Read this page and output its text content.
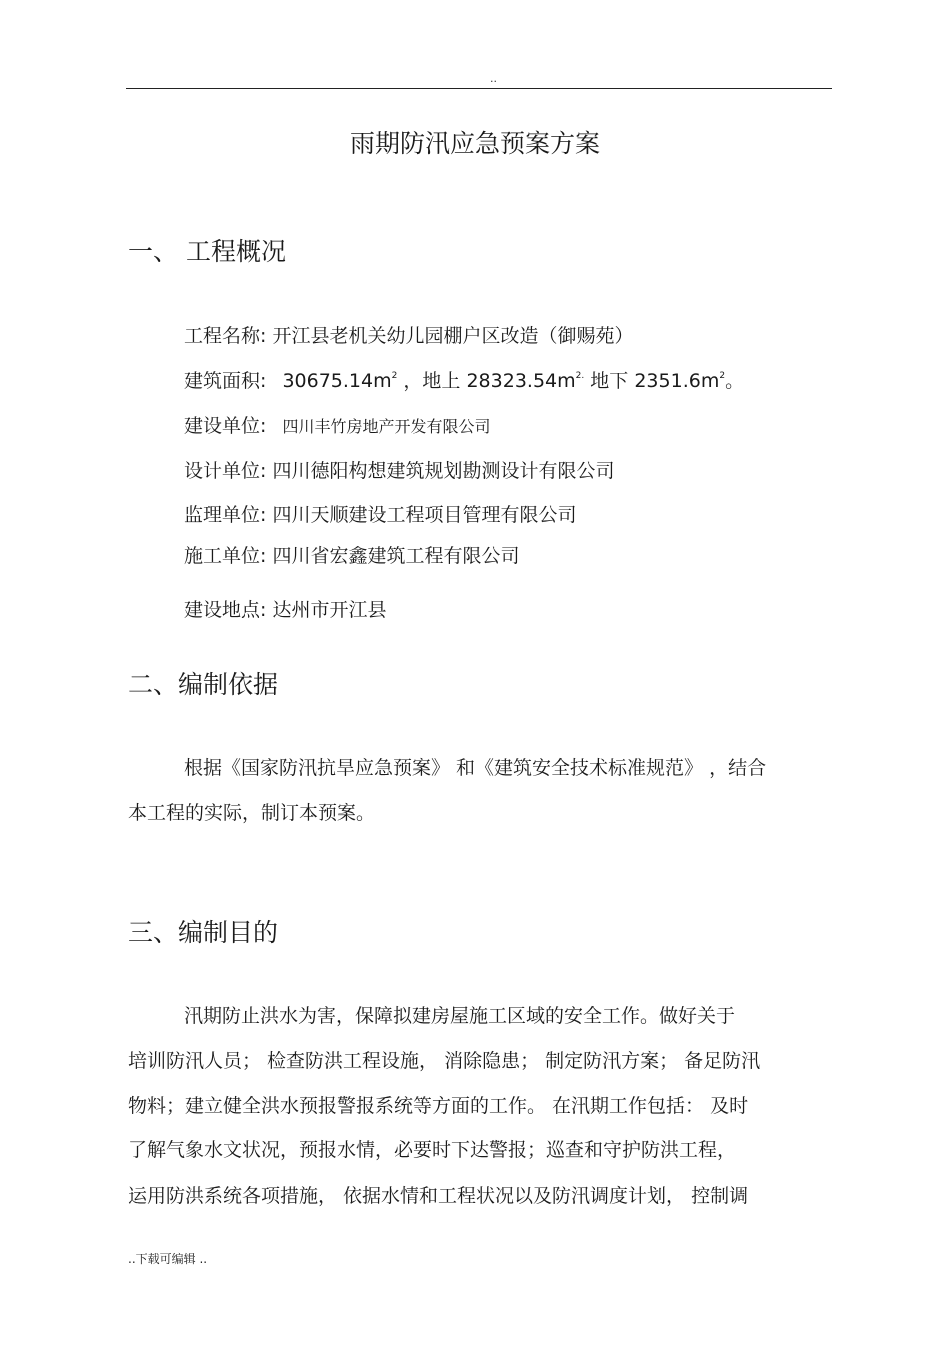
..
雨期防汛应急预案方案
一、 工程概况
工程名称: 开江县老机关幼儿园棚户区改造（御赐苑）
建筑面积: $30675.14m^2$ ，地上 $28323.54m^{2.}$ 地下 $2351.6m^2$。
建设单位: 四川丰竹房地产开发有限公司
设计单位: 四川德阳构想建筑规划勘测设计有限公司
监理单位: 四川天顺建设工程项目管理有限公司
施工单位: 四川省宏鑫建筑工程有限公司
建设地点: 达州市开江县
二、编制依据
根据《国家防汛抗旱应急预案》 和《建筑安全技术标准规范》 ，结合
本工程的实际，制订本预案。
三、编制目的
汛期防止洪水为害，保障拟建房屋施工区域的安全工作。做好关于
培训防汛人员； 检查防洪工程设施， 消除隐患； 制定防汛方案； 备足防汛
物料；建立健全洪水预报警报系统等方面的工作。 在汛期工作包括： 及时
了解气象水文状况，预报水情，必要时下达警报；巡查和守护防洪工程，
运用防洪系统各项措施， 依据水情和工程状况以及防汛调度计划， 控制调
..下载可编辑 ..
